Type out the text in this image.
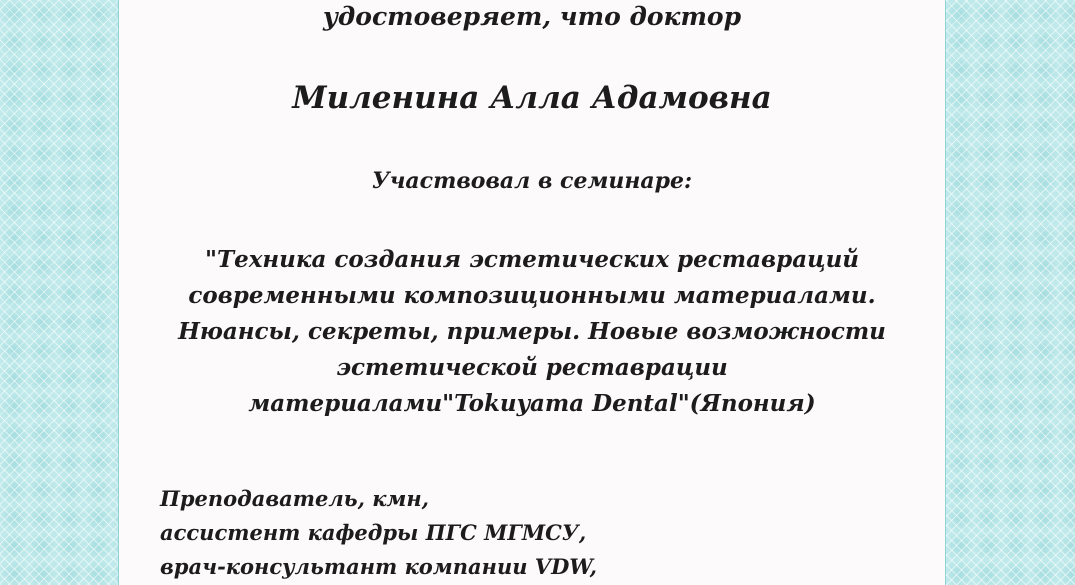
удостоверяет, что доктор
Миленина Алла Адамовна
Участвовал в семинаре:
"Техника создания эстетических реставраций
современными композиционными материалами.
Нюансы, секреты, примеры. Новые возможности
эстетической реставрации
материалами"Tokuyama Dental"(Япония)
Преподаватель, кмн,
ассистент кафедры ПГС МГМСУ,
врач-консультант компании VDW,
